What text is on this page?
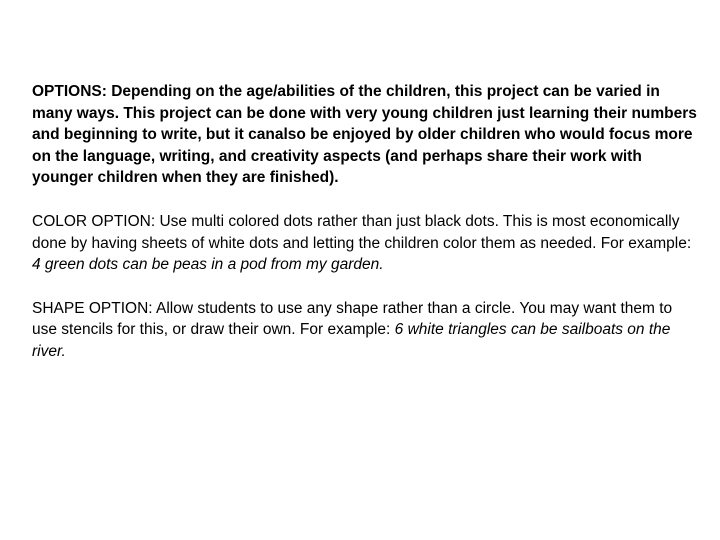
OPTIONS: Depending on the age/abilities of the children, this project can be varied in many ways. This project can be done with very young children just learning their numbers and beginning to write, but it canalso be enjoyed by older children who would focus more on the language, writing, and creativity aspects (and perhaps share their work with younger children when they are finished).

COLOR OPTION: Use multi colored dots rather than just black dots. This is most economically done by having sheets of white dots and letting the children color them as needed. For example: 4 green dots can be peas in a pod from my garden.

SHAPE OPTION: Allow students to use any shape rather than a circle. You may want them to use stencils for this, or draw their own. For example: 6 white triangles can be sailboats on the river.
